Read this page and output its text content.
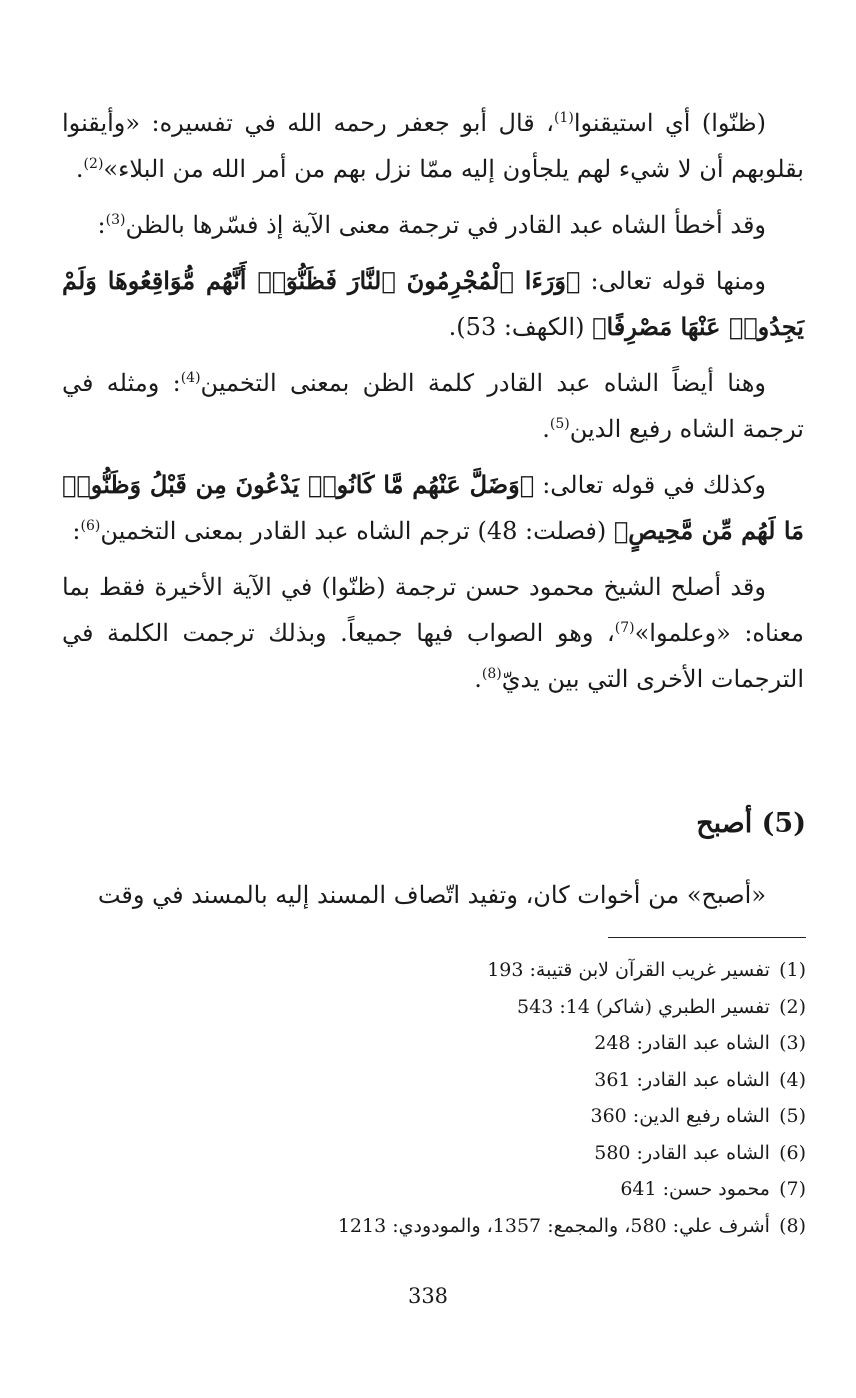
(ظنّوا) أي استيقنوا$^{(1)}$، قال أبو جعفر رحمه الله في تفسيره: «وأيقنوا بقلوبهم أن لا شيء لهم يلجأون إليه ممّا نزل بهم من أمر الله من البلاء»$^{(2)}$.

وقد أخطأ الشاه عبد القادر في ترجمة معنى الآية إذ فسّرها بالظن$^{(3)}$:

ومنها قوله تعالى: ﴿وَرَءَا ٱلْمُجْرِمُونَ ٱلنَّارَ فَظَنُّوٓا۟ أَنَّهُم مُّوَاقِعُوهَا وَلَمْ يَجِدُوا۟ عَنْهَا مَصْرِفًا﴾ (الكهف: 53).

وهنا أيضاً الشاه عبد القادر كلمة الظن بمعنى التخمين$^{(4)}$: ومثله في ترجمة الشاه رفيع الدين$^{(5)}$.

وكذلك في قوله تعالى: ﴿وَضَلَّ عَنْهُم مَّا كَانُوا۟ يَدْعُونَ مِن قَبْلُ وَظَنُّوا۟ مَا لَهُم مِّن مَّحِيصٍ﴾ (فصلت: 48) ترجم الشاه عبد القادر بمعنى التخمين$^{(6)}$:

وقد أصلح الشيخ محمود حسن ترجمة (ظنّوا) في الآية الأخيرة فقط بما معناه: «وعلموا»$^{(7)}$، وهو الصواب فيها جميعاً. وبذلك ترجمت الكلمة في الترجمات الأخرى التي بين يديّ$^{(8)}$.

(5) أصبح

«أصبح» من أخوات كان، وتفيد اتّصاف المسند إليه بالمسند في وقت

(1) تفسير غريب القرآن لابن قتيبة: 193
(2) تفسير الطبري (شاكر) 14: 543
(3) الشاه عبد القادر: 248
(4) الشاه عبد القادر: 361
(5) الشاه رفيع الدين: 360
(6) الشاه عبد القادر: 580
(7) محمود حسن: 641
(8) أشرف علي: 580، والمجمع: 1357، والمودودي: 1213
338
